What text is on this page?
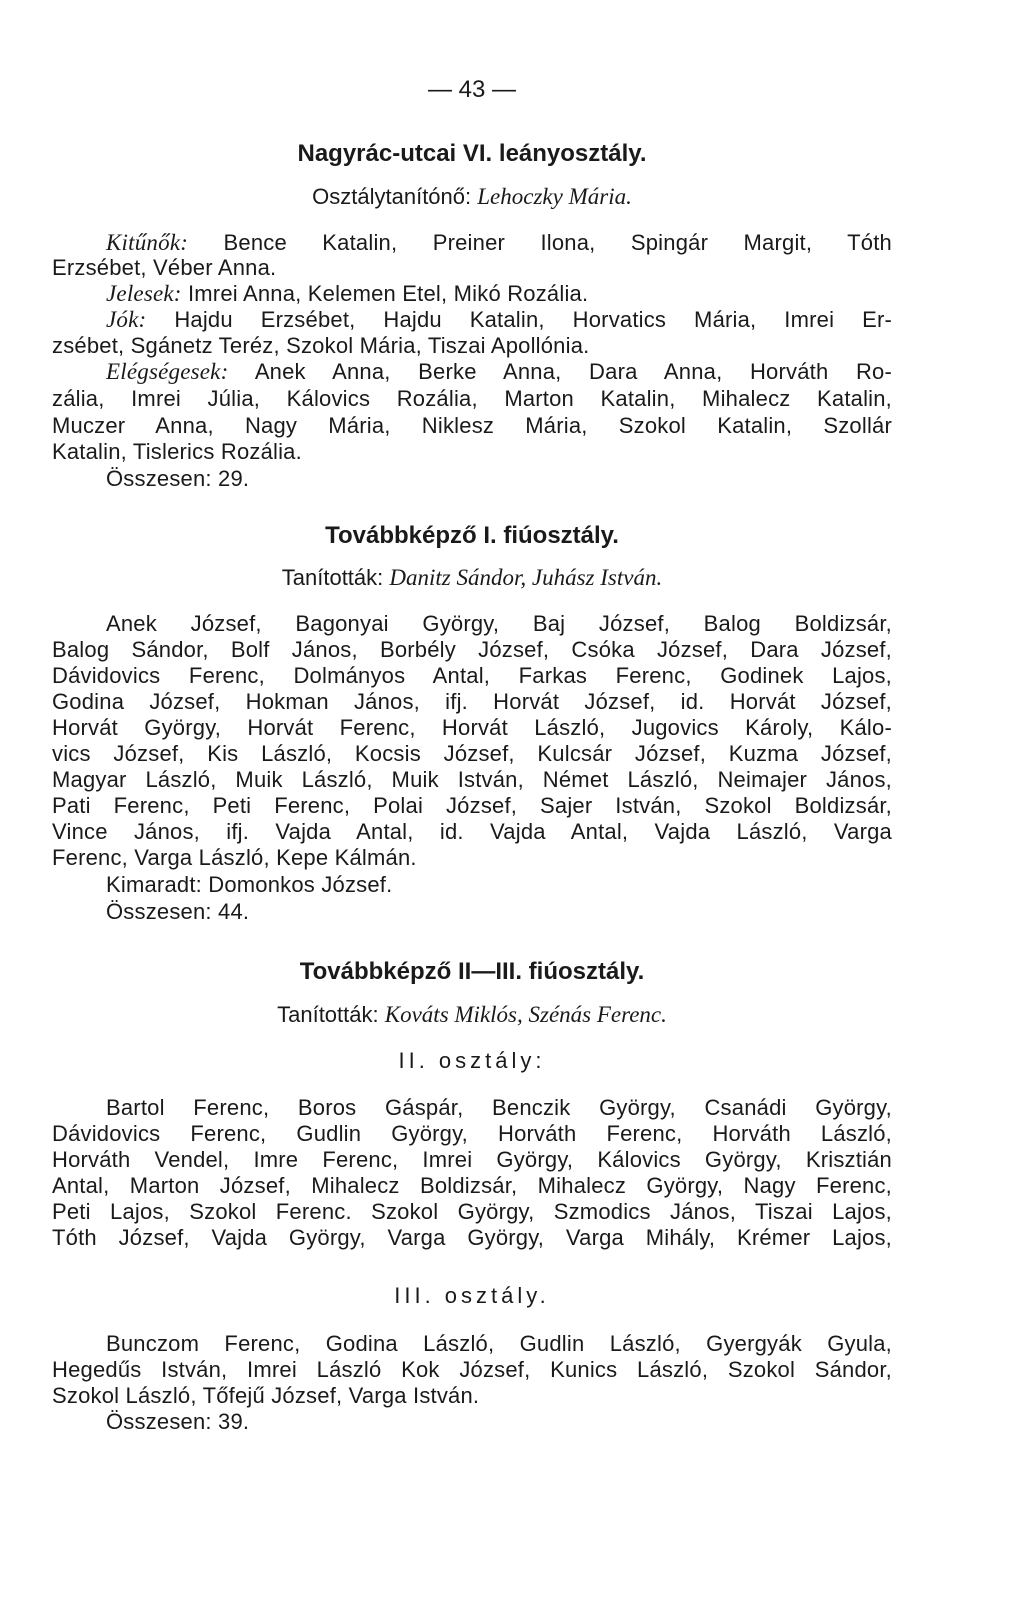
— 43 —
Nagyrác-utcai VI. leányosztály.
Osztálytanítónő: Lehoczky Mária.
Kitűnők: Bence Katalin, Preiner Ilona, Spingár Margit, Tóth
Erzsébet, Véber Anna.
Jelesek: Imrei Anna, Kelemen Etel, Mikó Rozália.
Jók: Hajdu Erzsébet, Hajdu Katalin, Horvatics Mária, Imrei Er-
zsébet, Sgánetz Teréz, Szokol Mária, Tiszai Apollónia.
Elégségesek: Anek Anna, Berke Anna, Dara Anna, Horváth Ro-
zália, Imrei Júlia, Kálovics Rozália, Marton Katalin, Mihalecz Katalin,
Muczer Anna, Nagy Mária, Niklesz Mária, Szokol Katalin, Szollár
Katalin, Tislerics Rozália.
Összesen: 29.
Továbbképző I. fiúosztály.
Tanították: Danitz Sándor, Juhász István.
Anek József, Bagonyai György, Baj József, Balog Boldizsár,
Balog Sándor, Bolf János, Borbély József, Csóka József, Dara József,
Dávidovics Ferenc, Dolmányos Antal, Farkas Ferenc, Godinek Lajos,
Godina József, Hokman János, ifj. Horvát József, id. Horvát József,
Horvát György, Horvát Ferenc, Horvát László, Jugovics Károly, Kálo-
vics József, Kis László, Kocsis József, Kulcsár József, Kuzma József,
Magyar László, Muik László, Muik István, Német László, Neimajer János,
Pati Ferenc, Peti Ferenc, Polai József, Sajer István, Szokol Boldizsár,
Vince János, ifj. Vajda Antal, id. Vajda Antal, Vajda László, Varga
Ferenc, Varga László, Kepe Kálmán.
Kimaradt: Domonkos József.
Összesen: 44.
Továbbképző II—III. fiúosztály.
Tanították: Kováts Miklós, Szénás Ferenc.
II. osztály:
Bartol Ferenc, Boros Gáspár, Benczik György, Csanádi György,
Dávidovics Ferenc, Gudlin György, Horváth Ferenc, Horváth László,
Horváth Vendel, Imre Ferenc, Imrei György, Kálovics György, Krisztián
Antal, Marton József, Mihalecz Boldizsár, Mihalecz György, Nagy Ferenc,
Peti Lajos, Szokol Ferenc. Szokol György, Szmodics János, Tiszai Lajos,
Tóth József, Vajda György, Varga György, Varga Mihály, Krémer Lajos,
III. osztály.
Bunczom Ferenc, Godina László, Gudlin László, Gyergyák Gyula,
Hegedűs István, Imrei László Kok József, Kunics László, Szokol Sándor,
Szokol László, Tőfejű József, Varga István.
Összesen: 39.
